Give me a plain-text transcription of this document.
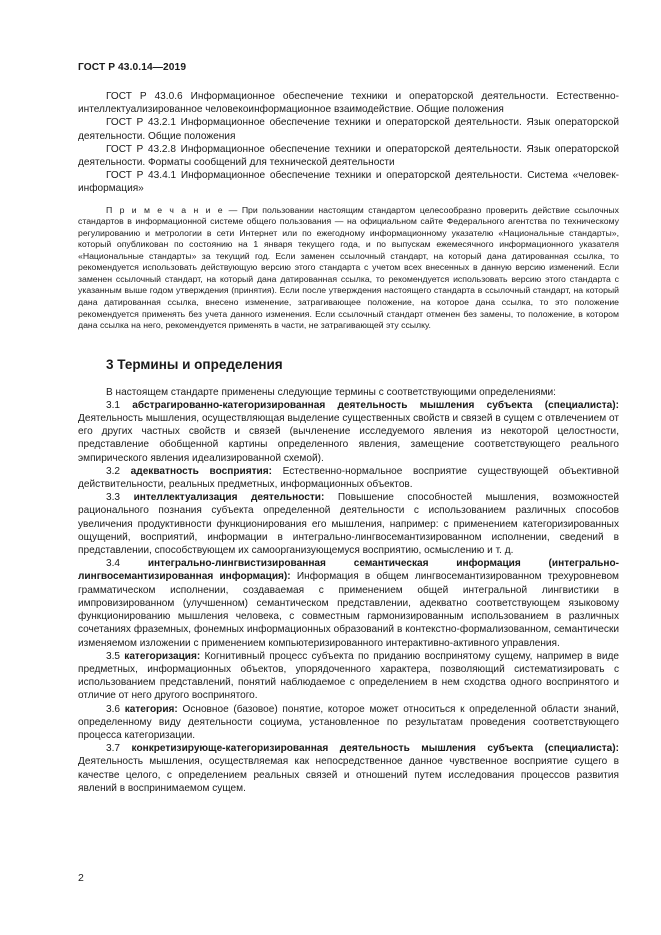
ГОСТ Р 43.0.14—2019

ГОСТ Р 43.0.6 Информационное обеспечение техники и операторской деятельности. Естественно-интеллектуализированное человекоинформационное взаимодействие. Общие положения

ГОСТ Р 43.2.1 Информационное обеспечение техники и операторской деятельности. Язык операторской деятельности. Общие положения

ГОСТ Р 43.2.8 Информационное обеспечение техники и операторской деятельности. Язык операторской деятельности. Форматы сообщений для технической деятельности

ГОСТ Р 43.4.1 Информационное обеспечение техники и операторской деятельности. Система «человек-информация»

П р и м е ч а н и е — При пользовании настоящим стандартом целесообразно проверить действие ссылочных стандартов в информационной системе общего пользования — на официальном сайте Федерального агентства по техническому регулированию и метрологии в сети Интернет или по ежегодному информационному указателю «Национальные стандарты», который опубликован по состоянию на 1 января текущего года, и по выпускам ежемесячного информационного указателя «Национальные стандарты» за текущий год. Если заменен ссылочный стандарт, на который дана датированная ссылка, то рекомендуется использовать действующую версию этого стандарта с учетом всех внесенных в данную версию изменений. Если заменен ссылочный стандарт, на который дана датированная ссылка, то рекомендуется использовать версию этого стандарта с указанным выше годом утверждения (принятия). Если после утверждения настоящего стандарта в ссылочный стандарт, на который дана датированная ссылка, внесено изменение, затрагивающее положение, на которое дана ссылка, то это положение рекомендуется применять без учета данного изменения. Если ссылочный стандарт отменен без замены, то положение, в котором дана ссылка на него, рекомендуется применять в части, не затрагивающей эту ссылку.

3 Термины и определения

В настоящем стандарте применены следующие термины с соответствующими определениями:

3.1 абстрагированно-категоризированная деятельность мышления субъекта (специалиста): Деятельность мышления, осуществляющая выделение существенных свойств и связей в сущем с отвлечением от его других частных свойств и связей (вычленение исследуемого явления из некоторой целостности, представление обобщенной картины определенного явления, замещение соответствующего реального эмпирического явления идеализированной схемой).

3.2 адекватность восприятия: Естественно-нормальное восприятие существующей объективной действительности, реальных предметных, информационных объектов.

3.3 интеллектуализация деятельности: Повышение способностей мышления, возможностей рационального познания субъекта определенной деятельности с использованием различных способов увеличения продуктивности функционирования его мышления, например: с применением категоризированных ощущений, восприятий, информации в интегрально-лингвосемантизированном исполнении, сведений в представлении, способствующем их самоорганизующемуся восприятию, осмыслению и т. д.

3.4 интегрально-лингвистизированная семантическая информация (интегрально-лингвосемантизированная информация): Информация в общем лингвосемантизированном трехуровневом грамматическом исполнении, создаваемая с применением общей интегральной лингвистики в импровизированном (улучшенном) семантическом представлении, адекватно соответствующем языковому функционированию мышления человека, с совместным гармонизированным использованием в различных сочетаниях фраземных, фонемных информационных образований в контекстно-формализованном, семантически изменяемом изложении с применением компьютеризированного интерактивно-активного управления.

3.5 категоризация: Когнитивный процесс субъекта по приданию воспринятому сущему, например в виде предметных, информационных объектов, упорядоченного характера, позволяющий систематизировать с использованием представлений, понятий наблюдаемое с определением в нем сходства одного воспринятого и отличие от него другого воспринятого.

3.6 категория: Основное (базовое) понятие, которое может относиться к определенной области знаний, определенному виду деятельности социума, установленное по результатам проведения соответствующего процесса категоризации.

3.7 конкретизирующе-категоризированная деятельность мышления субъекта (специалиста): Деятельность мышления, осуществляемая как непосредственное данное чувственное восприятие сущего в качестве целого, с определением реальных связей и отношений путем исследования процессов развития явлений в воспринимаемом сущем.

2
